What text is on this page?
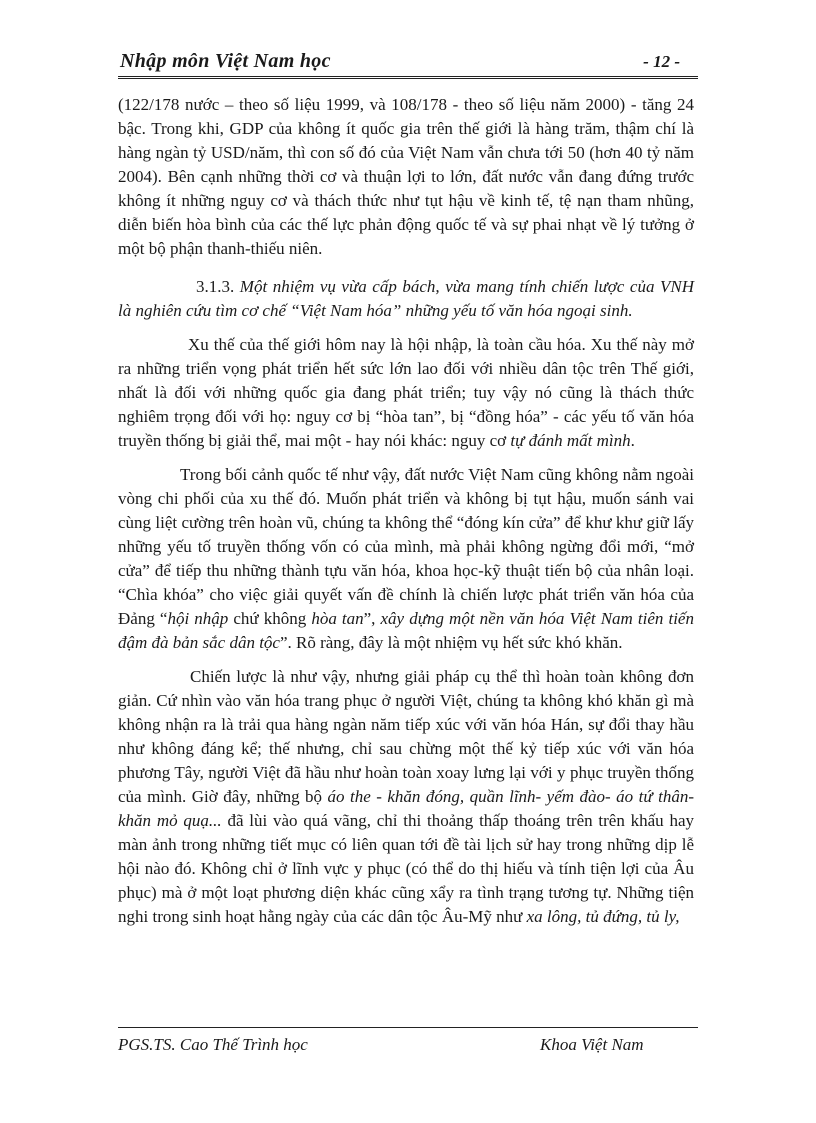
Nhập môn Việt Nam học	- 12 -

(122/178 nước – theo số liệu 1999, và 108/178 - theo số liệu năm 2000) - tăng 24 bậc. Trong khi, GDP của không ít quốc gia trên thế giới là hàng trăm, thậm chí là hàng ngàn tỷ USD/năm, thì con số đó của Việt Nam vẫn chưa tới 50 (hơn 40 tỷ năm 2004). Bên cạnh những thời cơ và thuận lợi to lớn, đất nước vẫn đang đứng trước không ít những nguy cơ và thách thức như tụt hậu về kinh tế, tệ nạn tham nhũng, diễn biến hòa bình của các thế lực phản động quốc tế và sự phai nhạt về lý tưởng ở một bộ phận thanh-thiếu niên.

3.1.3. Một nhiệm vụ vừa cấp bách, vừa mang tính chiến lược của VNH là nghiên cứu tìm cơ chế “Việt Nam hóa” những yếu tố văn hóa ngoại sinh.

Xu thế của thế giới hôm nay là hội nhập, là toàn cầu hóa. Xu thế này mở ra những triển vọng phát triển hết sức lớn lao đối với nhiều dân tộc trên Thế giới, nhất là đối với những quốc gia đang phát triển; tuy vậy nó cũng là thách thức nghiêm trọng đối với họ: nguy cơ bị “hòa tan”, bị “đồng hóa” - các yếu tố văn hóa truyền thống bị giải thể, mai một - hay nói khác: nguy cơ tự đánh mất mình.

Trong bối cảnh quốc tế như vậy, đất nước Việt Nam cũng không nằm ngoài vòng chi phối của xu thế đó. Muốn phát triển và không bị tụt hậu, muốn sánh vai cùng liệt cường trên hoàn vũ, chúng ta không thể “đóng kín cửa” để khư khư giữ lấy những yếu tố truyền thống vốn có của mình, mà phải không ngừng đổi mới, “mở cửa” để tiếp thu những thành tựu văn hóa, khoa học-kỹ thuật tiến bộ của nhân loại. “Chìa khóa” cho việc giải quyết vấn đề chính là chiến lược phát triển văn hóa của Đảng “hội nhập chứ không hòa tan”, xây dựng một nền văn hóa Việt Nam tiên tiến đậm đà bản sắc dân tộc”. Rõ ràng, đây là một nhiệm vụ hết sức khó khăn.

Chiến lược là như vậy, nhưng giải pháp cụ thể thì hoàn toàn không đơn giản. Cứ nhìn vào văn hóa trang phục ở người Việt, chúng ta không khó khăn gì mà không nhận ra là trải qua hàng ngàn năm tiếp xúc với văn hóa Hán, sự đổi thay hầu như không đáng kể; thế nhưng, chỉ sau chừng một thế kỷ tiếp xúc với văn hóa phương Tây, người Việt đã hầu như hoàn toàn xoay lưng lại với y phục truyền thống của mình. Giờ đây, những bộ áo the - khăn đóng, quần lĩnh- yếm đào- áo tứ thân-khăn mỏ quạ... đã lùi vào quá vãng, chỉ thi thoảng thấp thoáng trên trên khấu hay màn ảnh trong những tiết mục có liên quan tới đề tài lịch sử hay trong những dịp lễ hội nào đó. Không chỉ ở lĩnh vực y phục (có thể do thị hiếu và tính tiện lợi của Âu phục) mà ở một loạt phương diện khác cũng xẩy ra tình trạng tương tự. Những tiện nghi trong sinh hoạt hằng ngày của các dân tộc Âu-Mỹ như xa lông, tủ đứng, tủ ly,

PGS.TS. Cao Thế Trình học	Khoa Việt Nam
